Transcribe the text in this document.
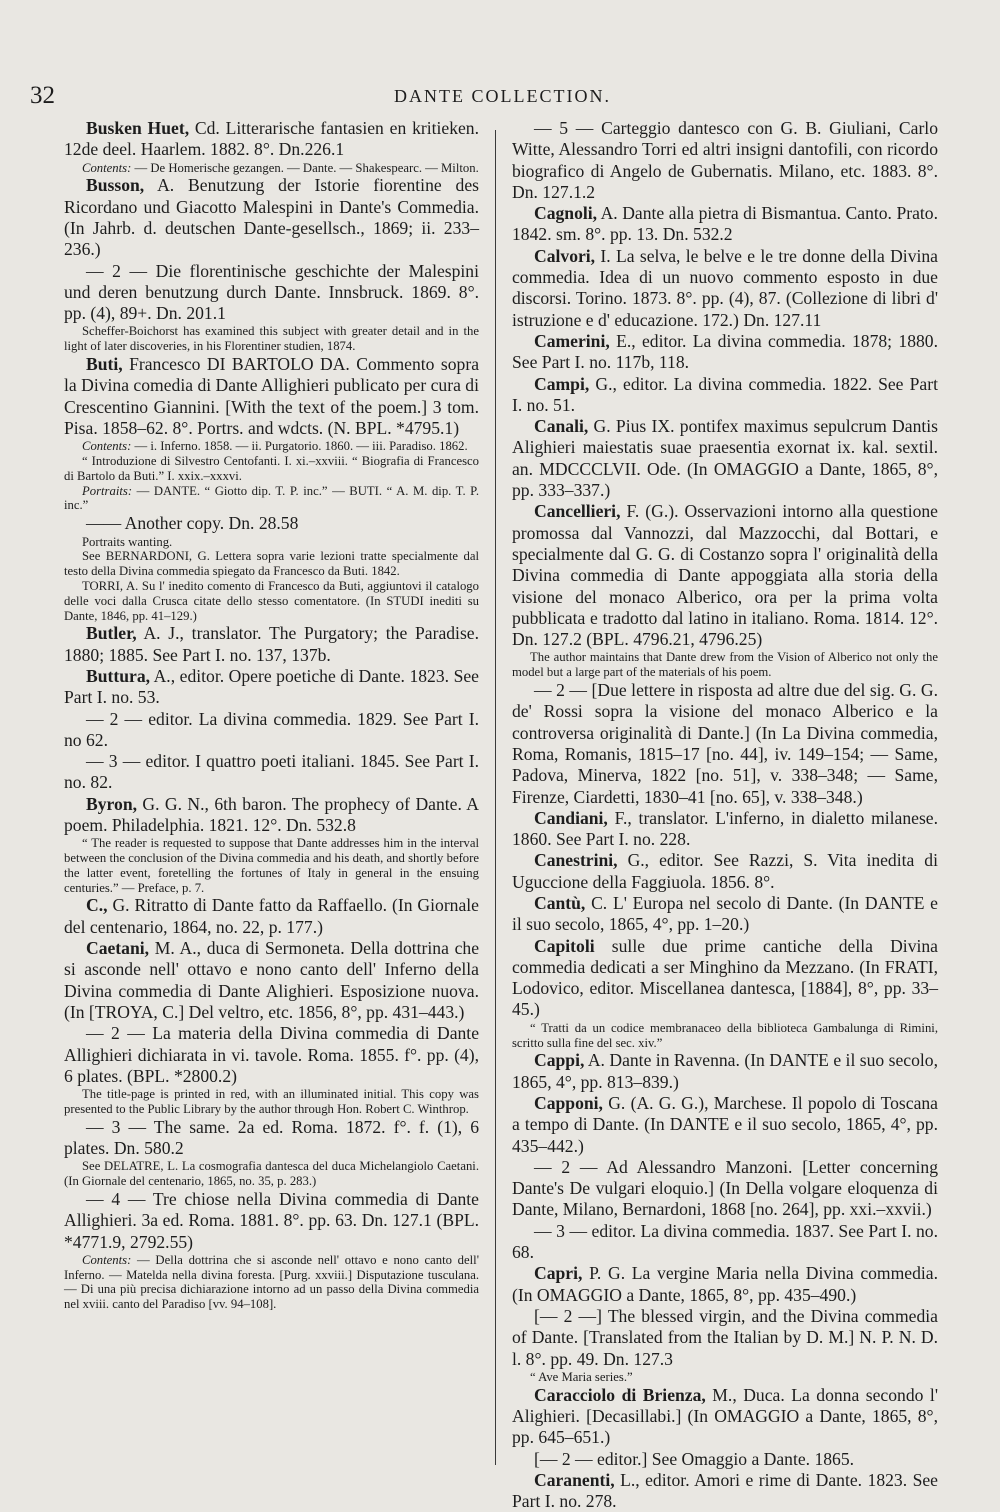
32	DANTE COLLECTION.

Busken Huet, Cd. Litterarische fantasien en kritieken. 12de deel. Haarlem. 1882. 8°. Dn.226.1

Contents: — De Homerische gezangen. — Dante. — Shakespearc. — Milton.

Busson, A. Benutzung der Istorie fiorentine des Ricordano und Giacotto Malespini in Dante's Commedia. (In Jahrb. d. deutschen Dante-gesellsch., 1869; ii. 233–236.)

— 2 — Die florentinische geschichte der Malespini und deren benutzung durch Dante. Innsbruck. 1869. 8°. pp. (4), 89+. Dn. 201.1

Scheffer-Boichorst has examined this subject with greater detail and in the light of later discoveries, in his Florentiner studien, 1874.

Buti, Francesco DI BARTOLO DA. Commento sopra la Divina comedia di Dante Allighieri publicato per cura di Crescentino Giannini. [With the text of the poem.] 3 tom. Pisa. 1858–62. 8°. Portrs. and wdcts. (N. BPL. *4795.1)

Contents: — i. Inferno. 1858. — ii. Purgatorio. 1860. — iii. Paradiso. 1862.

“ Introduzione di Silvestro Centofanti. I. xi.–xxviii. “ Biografia di Francesco di Bartolo da Buti.” I. xxix.–xxxvi.

Portraits: — DANTE. “ Giotto dip. T. P. inc.” — BUTI. “ A. M. dip. T. P. inc.”

—— Another copy. Dn. 28.58

Portraits wanting.

See BERNARDONI, G. Lettera sopra varie lezioni tratte specialmente dal testo della Divina commedia spiegato da Francesco da Buti. 1842.

TORRI, A. Su l' inedito comento di Francesco da Buti, aggiuntovi il catalogo delle voci dalla Crusca citate dello stesso comentatore. (In STUDI inediti su Dante, 1846, pp. 41–129.)

Butler, A. J., translator. The Purgatory; the Paradise. 1880; 1885. See Part I. no. 137, 137b.

Buttura, A., editor. Opere poetiche di Dante. 1823. See Part I. no. 53.

— 2 — editor. La divina commedia. 1829. See Part I. no 62.

— 3 — editor. I quattro poeti italiani. 1845. See Part I. no. 82.

Byron, G. G. N., 6th baron. The prophecy of Dante. A poem. Philadelphia. 1821. 12°. Dn. 532.8

“ The reader is requested to suppose that Dante addresses him in the interval between the conclusion of the Divina commedia and his death, and shortly before the latter event, foretelling the fortunes of Italy in general in the ensuing centuries.” — Preface, p. 7.

C., G. Ritratto di Dante fatto da Raffaello. (In Giornale del centenario, 1864, no. 22, p. 177.)

Caetani, M. A., duca di Sermoneta. Della dottrina che si asconde nell' ottavo e nono canto dell' Inferno della Divina commedia di Dante Alighieri. Esposizione nuova. (In [TROYA, C.] Del veltro, etc. 1856, 8°, pp. 431–443.)

— 2 — La materia della Divina commedia di Dante Allighieri dichiarata in vi. tavole. Roma. 1855. f°. pp. (4), 6 plates. (BPL. *2800.2)

The title-page is printed in red, with an illuminated initial. This copy was presented to the Public Library by the author through Hon. Robert C. Winthrop.

— 3 — The same. 2a ed. Roma. 1872. f°. f. (1), 6 plates. Dn. 580.2

See DELATRE, L. La cosmografia dantesca del duca Michelangiolo Caetani. (In Giornale del centenario, 1865, no. 35, p. 283.)

— 4 — Tre chiose nella Divina commedia di Dante Allighieri. 3a ed. Roma. 1881. 8°. pp. 63. Dn. 127.1 (BPL. *4771.9, 2792.55)

Contents: — Della dottrina che si asconde nell' ottavo e nono canto dell' Inferno. — Matelda nella divina foresta. [Purg. xxviii.] Disputazione tusculana. — Di una più precisa dichiarazione intorno ad un passo della Divina commedia nel xviii. canto del Paradiso [vv. 94–108].

— 5 — Carteggio dantesco con G. B. Giuliani, Carlo Witte, Alessandro Torri ed altri insigni dantofili, con ricordo biografico di Angelo de Gubernatis. Milano, etc. 1883. 8°. Dn. 127.1.2

Cagnoli, A. Dante alla pietra di Bismantua. Canto. Prato. 1842. sm. 8°. pp. 13. Dn. 532.2

Calvori, I. La selva, le belve e le tre donne della Divina commedia. Idea di un nuovo commento esposto in due discorsi. Torino. 1873. 8°. pp. (4), 87. (Collezione di libri d' istruzione e d' educazione. 172.) Dn. 127.11

Camerini, E., editor. La divina commedia. 1878; 1880. See Part I. no. 117b, 118.

Campi, G., editor. La divina commedia. 1822. See Part I. no. 51.

Canali, G. Pius IX. pontifex maximus sepulcrum Dantis Alighieri maiestatis suae praesentia exornat ix. kal. sextil. an. MDCCCLVII. Ode. (In OMAGGIO a Dante, 1865, 8°, pp. 333–337.)

Cancellieri, F. (G.). Osservazioni intorno alla questione promossa dal Vannozzi, dal Mazzocchi, dal Bottari, e specialmente dal G. G. di Costanzo sopra l' originalità della Divina commedia di Dante appoggiata alla storia della visione del monaco Alberico, ora per la prima volta pubblicata e tradotto dal latino in italiano. Roma. 1814. 12°. Dn. 127.2 (BPL. 4796.21, 4796.25)

The author maintains that Dante drew from the Vision of Alberico not only the model but a large part of the materials of his poem.

— 2 — [Due lettere in risposta ad altre due del sig. G. G. de' Rossi sopra la visione del monaco Alberico e la controversa originalità di Dante.] (In La Divina commedia, Roma, Romanis, 1815–17 [no. 44], iv. 149–154; — Same, Padova, Minerva, 1822 [no. 51], v. 338–348; — Same, Firenze, Ciardetti, 1830–41 [no. 65], v. 338–348.)

Candiani, F., translator. L'inferno, in dialetto milanese. 1860. See Part I. no. 228.

Canestrini, G., editor. See Razzi, S. Vita inedita di Uguccione della Faggiuola. 1856. 8°.

Cantù, C. L' Europa nel secolo di Dante. (In DANTE e il suo secolo, 1865, 4°, pp. 1–20.)

Capitoli sulle due prime cantiche della Divina commedia dedicati a ser Minghino da Mezzano. (In FRATI, Lodovico, editor. Miscellanea dantesca, [1884], 8°, pp. 33–45.)

“ Tratti da un codice membranaceo della biblioteca Gambalunga di Rimini, scritto sulla fine del sec. xiv.”

Cappi, A. Dante in Ravenna. (In DANTE e il suo secolo, 1865, 4°, pp. 813–839.)

Capponi, G. (A. G. G.), Marchese. Il popolo di Toscana a tempo di Dante. (In DANTE e il suo secolo, 1865, 4°, pp. 435–442.)

— 2 — Ad Alessandro Manzoni. [Letter concerning Dante's De vulgari eloquio.] (In Della volgare eloquenza di Dante, Milano, Bernardoni, 1868 [no. 264], pp. xxi.–xxvii.)

— 3 — editor. La divina commedia. 1837. See Part I. no. 68.

Capri, P. G. La vergine Maria nella Divina commedia. (In OMAGGIO a Dante, 1865, 8°, pp. 435–490.)

[— 2 —] The blessed virgin, and the Divina commedia of Dante. [Translated from the Italian by D. M.] N. P. N. D. l. 8°. pp. 49. Dn. 127.3

“ Ave Maria series.”

Caracciolo di Brienza, M., Duca. La donna secondo l' Alighieri. [Decasillabi.] (In OMAGGIO a Dante, 1865, 8°, pp. 645–651.)

[— 2 — editor.] See Omaggio a Dante. 1865.

Caranenti, L., editor. Amori e rime di Dante. 1823. See Part I. no. 278.
